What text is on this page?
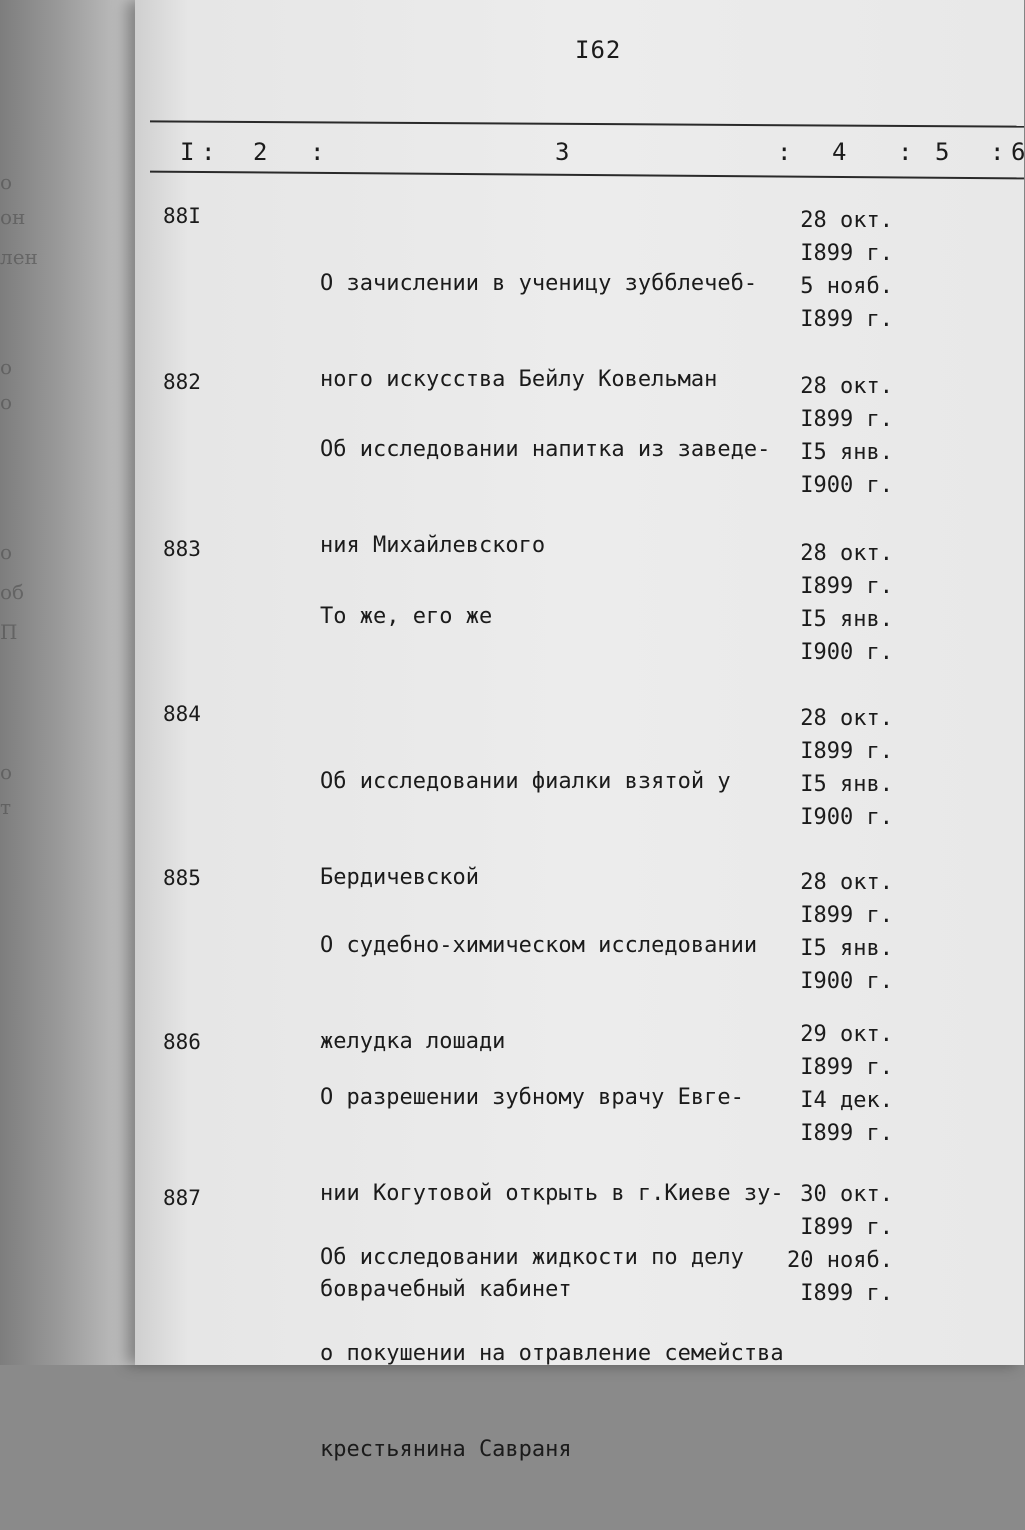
о
он
лен
о
о
о
об
П
о
т
I62
I : 2 :	3	: 4 : 5 : 6
88I

О зачислении в ученицу зубблечеб-

ного искусства Бейлу Ковельман

28 окт.
I899 г.
5 нояб.
I899 г.
882

Об исследовании напитка из заведе-

ния Михайлевского

28 окт.
I899 г.
I5 янв.
I900 г.
883

То же, его же

28 окт.
I899 г.
I5 янв.
I900 г.
884

Об исследовании фиалки взятой у

Бердичевской

28 окт.
I899 г.
I5 янв.
I900 г.
885

О судебно-химическом исследовании

желудка лошади

28 окт.
I899 г.
I5 янв.
I900 г.
886

О разрешении зубному врачу Евге-

нии Когутовой открыть в г.Киеве зу-

боврачебный кабинет

29 окт.
I899 г.
I4 дек.
I899 г.
887

Об исследовании жидкости по делу

о покушении на отравление семейства

крестьянина Савраня

30 окт.
I899 г.
20 нояб.
I899 г.
